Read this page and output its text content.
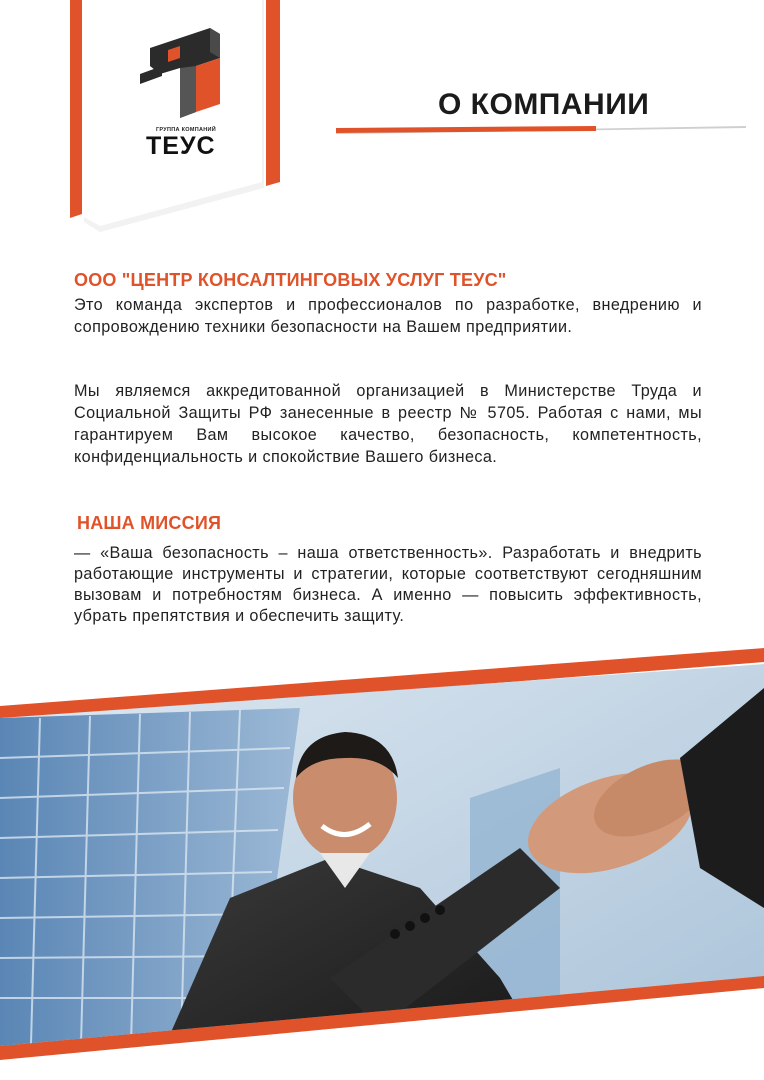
ГРУППА КОМПАНИЙ
ТЕУС
О КОМПАНИИ
ООО "ЦЕНТР КОНСАЛТИНГОВЫХ УСЛУГ ТЕУС"
Это команда экспертов и профессионалов по разработке, внедрению и сопровождению техники безопасности на Вашем предприятии.
Мы являемся аккредитованной организацией в Министерстве Труда и Социальной Защиты РФ занесенные в реестр № 5705. Работая с нами, мы гарантируем Вам высокое качество, безопасность, компетентность, конфиденциальность и спокойствие Вашего бизнеса.
НАША МИССИЯ
— «Ваша безопасность – наша ответственность». Разработать и внедрить работающие инструменты и стратегии, которые соответствуют сегодняшним вызовам и потребностям бизнеса. А именно — повысить эффективность, убрать препятствия и обеспечить защиту.
